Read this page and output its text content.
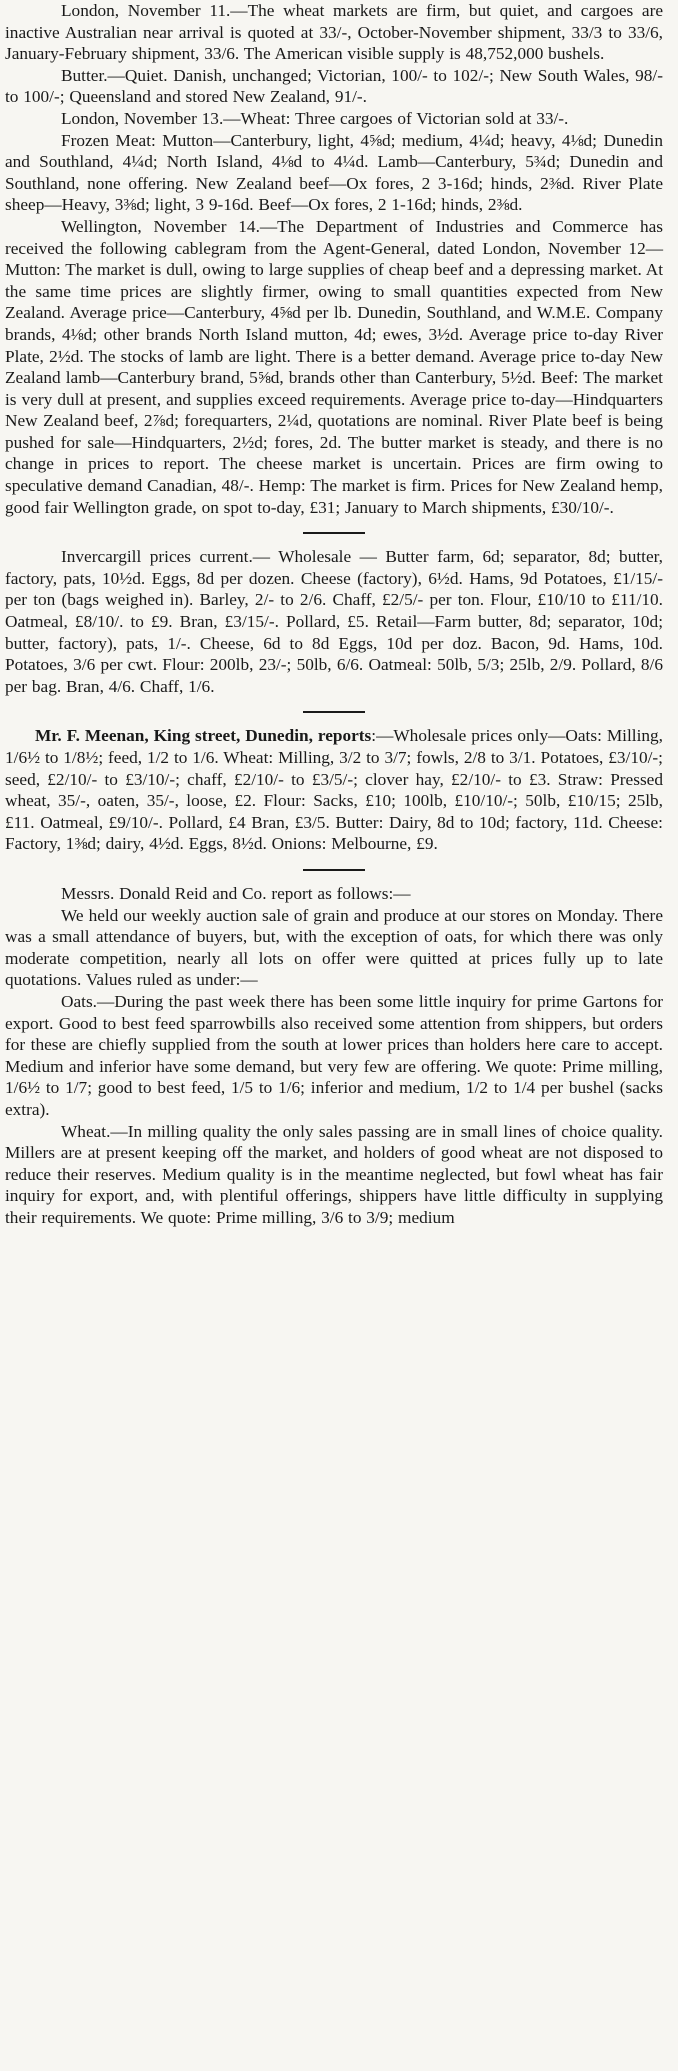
London, November 11.—The wheat markets are firm, but quiet, and cargoes are inactive Australian near arrival is quoted at 33/-, October-November shipment, 33/3 to 33/6, January-February shipment, 33/6. The American visible supply is 48,752,000 bushels.

Butter.—Quiet. Danish, unchanged; Victorian, 100/- to 102/-; New South Wales, 98/- to 100/-; Queensland and stored New Zealand, 91/-.

London, November 13.—Wheat: Three cargoes of Victorian sold at 33/-.

Frozen Meat: Mutton—Canterbury, light, 4⅝d; medium, 4¼d; heavy, 4⅛d; Dunedin and Southland, 4¼d; North Island, 4⅛d to 4¼d. Lamb—Canterbury, 5¾d; Dunedin and Southland, none offering. New Zealand beef—Ox fores, 2 3-16d; hinds, 2⅜d. River Plate sheep—Heavy, 3⅜d; light, 3 9-16d. Beef—Ox fores, 2 1-16d; hinds, 2⅜d.

Wellington, November 14.—The Department of Industries and Commerce has received the following cablegram from the Agent-General, dated London, November 12—Mutton: The market is dull, owing to large supplies of cheap beef and a depressing market. At the same time prices are slightly firmer, owing to small quantities expected from New Zealand. Average price—Canterbury, 4⅝d per lb. Dunedin, Southland, and W.M.E. Company brands, 4⅛d; other brands North Island mutton, 4d; ewes, 3½d. Average price to-day River Plate, 2½d. The stocks of lamb are light. There is a better demand. Average price to-day New Zealand lamb—Canterbury brand, 5⅝d, brands other than Canterbury, 5½d. Beef: The market is very dull at present, and supplies exceed requirements. Average price to-day—Hindquarters New Zealand beef, 2⅞d; forequarters, 2¼d, quotations are nominal. River Plate beef is being pushed for sale—Hindquarters, 2½d; fores, 2d. The butter market is steady, and there is no change in prices to report. The cheese market is uncertain. Prices are firm owing to speculative demand Canadian, 48/-. Hemp: The market is firm. Prices for New Zealand hemp, good fair Wellington grade, on spot to-day, £31; January to March shipments, £30/10/-.

Invercargill prices current.— Wholesale — Butter farm, 6d; separator, 8d; butter, factory, pats, 10½d. Eggs, 8d per dozen. Cheese (factory), 6½d. Hams, 9d Potatoes, £1/15/- per ton (bags weighed in). Barley, 2/- to 2/6. Chaff, £2/5/- per ton. Flour, £10/10 to £11/10. Oatmeal, £8/10/. to £9. Bran, £3/15/-. Pollard, £5. Retail—Farm butter, 8d; separator, 10d; butter, factory), pats, 1/-. Cheese, 6d to 8d Eggs, 10d per doz. Bacon, 9d. Hams, 10d. Potatoes, 3/6 per cwt. Flour: 200lb, 23/-; 50lb, 6/6. Oatmeal: 50lb, 5/3; 25lb, 2/9. Pollard, 8/6 per bag. Bran, 4/6. Chaff, 1/6.

Mr. F. Meenan, King street, Dunedin, reports:—Wholesale prices only—Oats: Milling, 1/6½ to 1/8½; feed, 1/2 to 1/6. Wheat: Milling, 3/2 to 3/7; fowls, 2/8 to 3/1. Potatoes, £3/10/-; seed, £2/10/- to £3/10/-; chaff, £2/10/- to £3/5/-; clover hay, £2/10/- to £3. Straw: Pressed wheat, 35/-, oaten, 35/-, loose, £2. Flour: Sacks, £10; 100lb, £10/10/-; 50lb, £10/15; 25lb, £11. Oatmeal, £9/10/-. Pollard, £4 Bran, £3/5. Butter: Dairy, 8d to 10d; factory, 11d. Cheese: Factory, 1⅜d; dairy, 4½d. Eggs, 8½d. Onions: Melbourne, £9.

Messrs. Donald Reid and Co. report as follows:—

We held our weekly auction sale of grain and produce at our stores on Monday. There was a small attendance of buyers, but, with the exception of oats, for which there was only moderate competition, nearly all lots on offer were quitted at prices fully up to late quotations. Values ruled as under:—

Oats.—During the past week there has been some little inquiry for prime Gartons for export. Good to best feed sparrowbills also received some attention from shippers, but orders for these are chiefly supplied from the south at lower prices than holders here care to accept. Medium and inferior have some demand, but very few are offering. We quote: Prime milling, 1/6½ to 1/7; good to best feed, 1/5 to 1/6; inferior and medium, 1/2 to 1/4 per bushel (sacks extra).

Wheat.—In milling quality the only sales passing are in small lines of choice quality. Millers are at present keeping off the market, and holders of good wheat are not disposed to reduce their reserves. Medium quality is in the meantime neglected, but fowl wheat has fair inquiry for export, and, with plentiful offerings, shippers have little difficulty in supplying their requirements. We quote: Prime milling, 3/6 to 3/9; medium
